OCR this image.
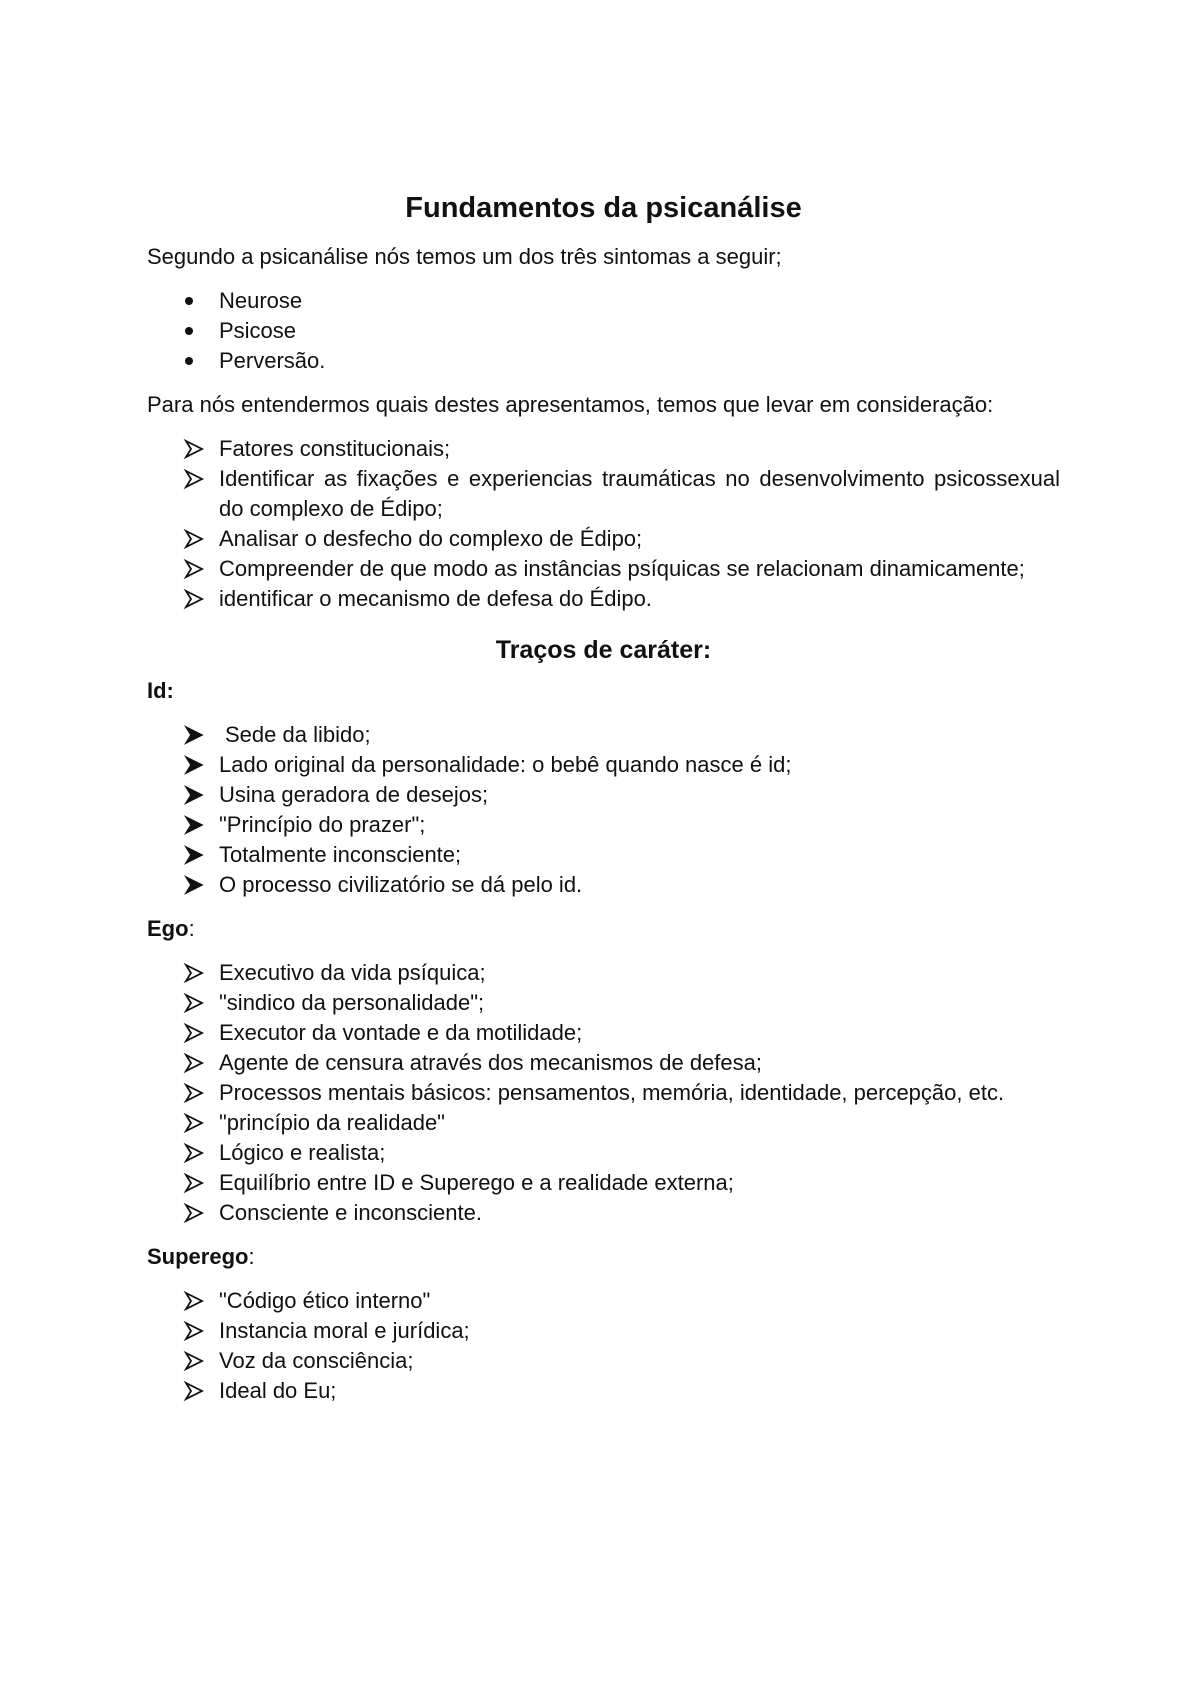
Fundamentos da psicanálise

Segundo a psicanálise nós temos um dos três sintomas a seguir;

Neurose
Psicose
Perversão.

Para nós entendermos quais destes apresentamos, temos que levar em consideração:

Fatores constitucionais;
Identificar as fixações e experiencias traumáticas no desenvolvimento psicossexual do complexo de Édipo;
Analisar o desfecho do complexo de Édipo;
Compreender de que modo as instâncias psíquicas se relacionam dinamicamente;
identificar o mecanismo de defesa do Édipo.
Traços de caráter:
Id:
Sede da libido;
Lado original da personalidade: o bebê quando nasce é id;
Usina geradora de desejos;
"Princípio do prazer";
Totalmente inconsciente;
O processo civilizatório se dá pelo id.
Ego:
Executivo da vida psíquica;
"sindico da personalidade";
Executor da vontade e da motilidade;
Agente de censura através dos mecanismos de defesa;
Processos mentais básicos: pensamentos, memória, identidade, percepção, etc.
"princípio da realidade"
Lógico e realista;
Equilíbrio entre ID e Superego e a realidade externa;
Consciente e inconsciente.
Superego:
"Código ético interno"
Instancia moral e jurídica;
Voz da consciência;
Ideal do Eu;
